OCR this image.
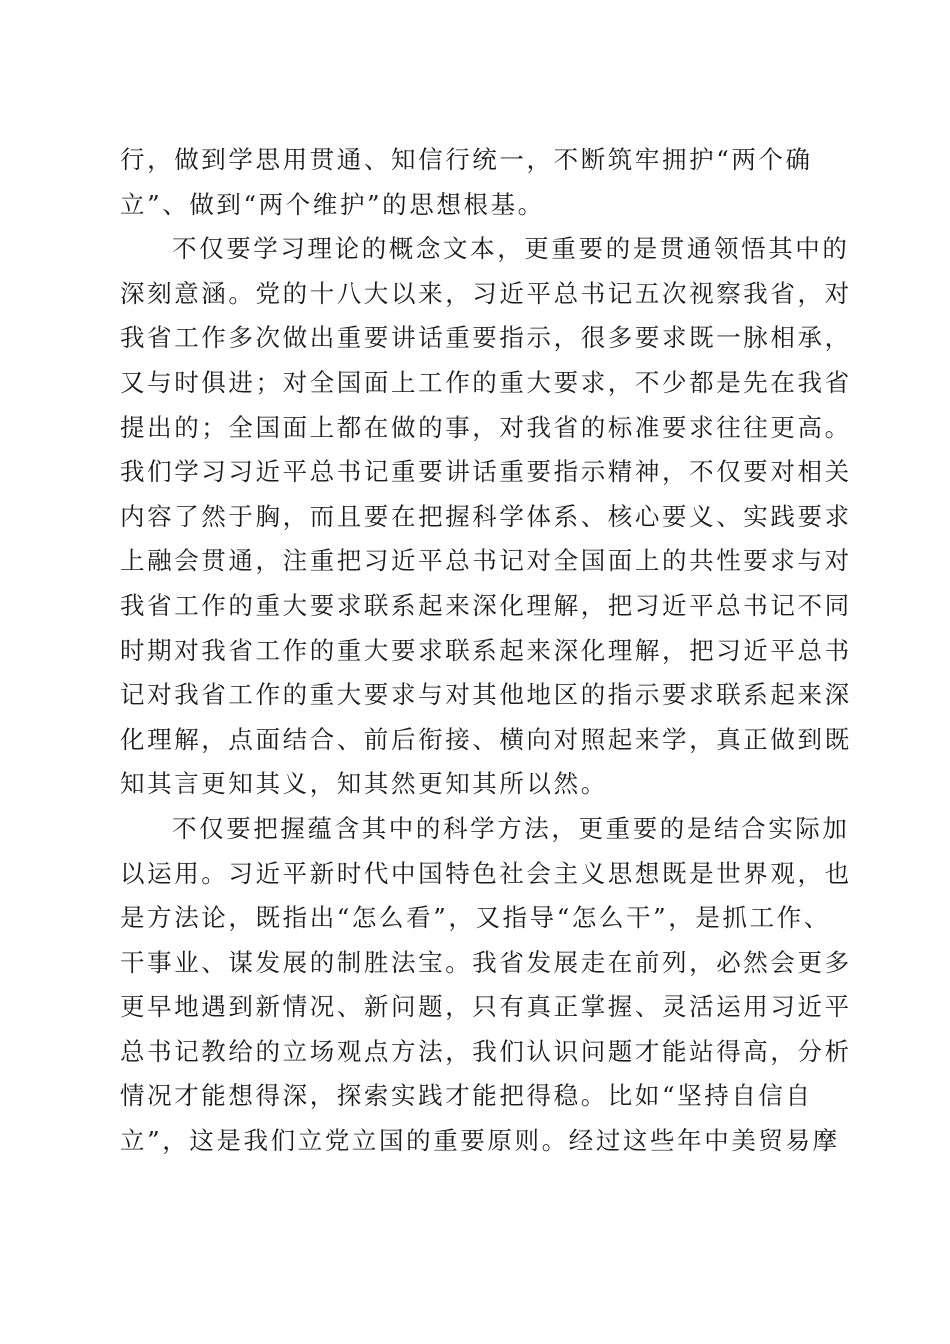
行，做到学思用贯通、知信行统一，不断筑牢拥护“两个确
立”、做到“两个维护”的思想根基。
不仅要学习理论的概念文本，更重要的是贯通领悟其中的
深刻意涵。党的十八大以来，习近平总书记五次视察我省，对
我省工作多次做出重要讲话重要指示，很多要求既一脉相承，
又与时俱进；对全国面上工作的重大要求，不少都是先在我省
提出的；全国面上都在做的事，对我省的标准要求往往更高。
我们学习习近平总书记重要讲话重要指示精神，不仅要对相关
内容了然于胸，而且要在把握科学体系、核心要义、实践要求
上融会贯通，注重把习近平总书记对全国面上的共性要求与对
我省工作的重大要求联系起来深化理解，把习近平总书记不同
时期对我省工作的重大要求联系起来深化理解，把习近平总书
记对我省工作的重大要求与对其他地区的指示要求联系起来深
化理解，点面结合、前后衔接、横向对照起来学，真正做到既
知其言更知其义，知其然更知其所以然。
不仅要把握蕴含其中的科学方法，更重要的是结合实际加
以运用。习近平新时代中国特色社会主义思想既是世界观，也
是方法论，既指出“怎么看”，又指导“怎么干”，是抓工作、
干事业、谋发展的制胜法宝。我省发展走在前列，必然会更多
更早地遇到新情况、新问题，只有真正掌握、灵活运用习近平
总书记教给的立场观点方法，我们认识问题才能站得高，分析
情况才能想得深，探索实践才能把得稳。比如“坚持自信自
立”，这是我们立党立国的重要原则。经过这些年中美贸易摩
